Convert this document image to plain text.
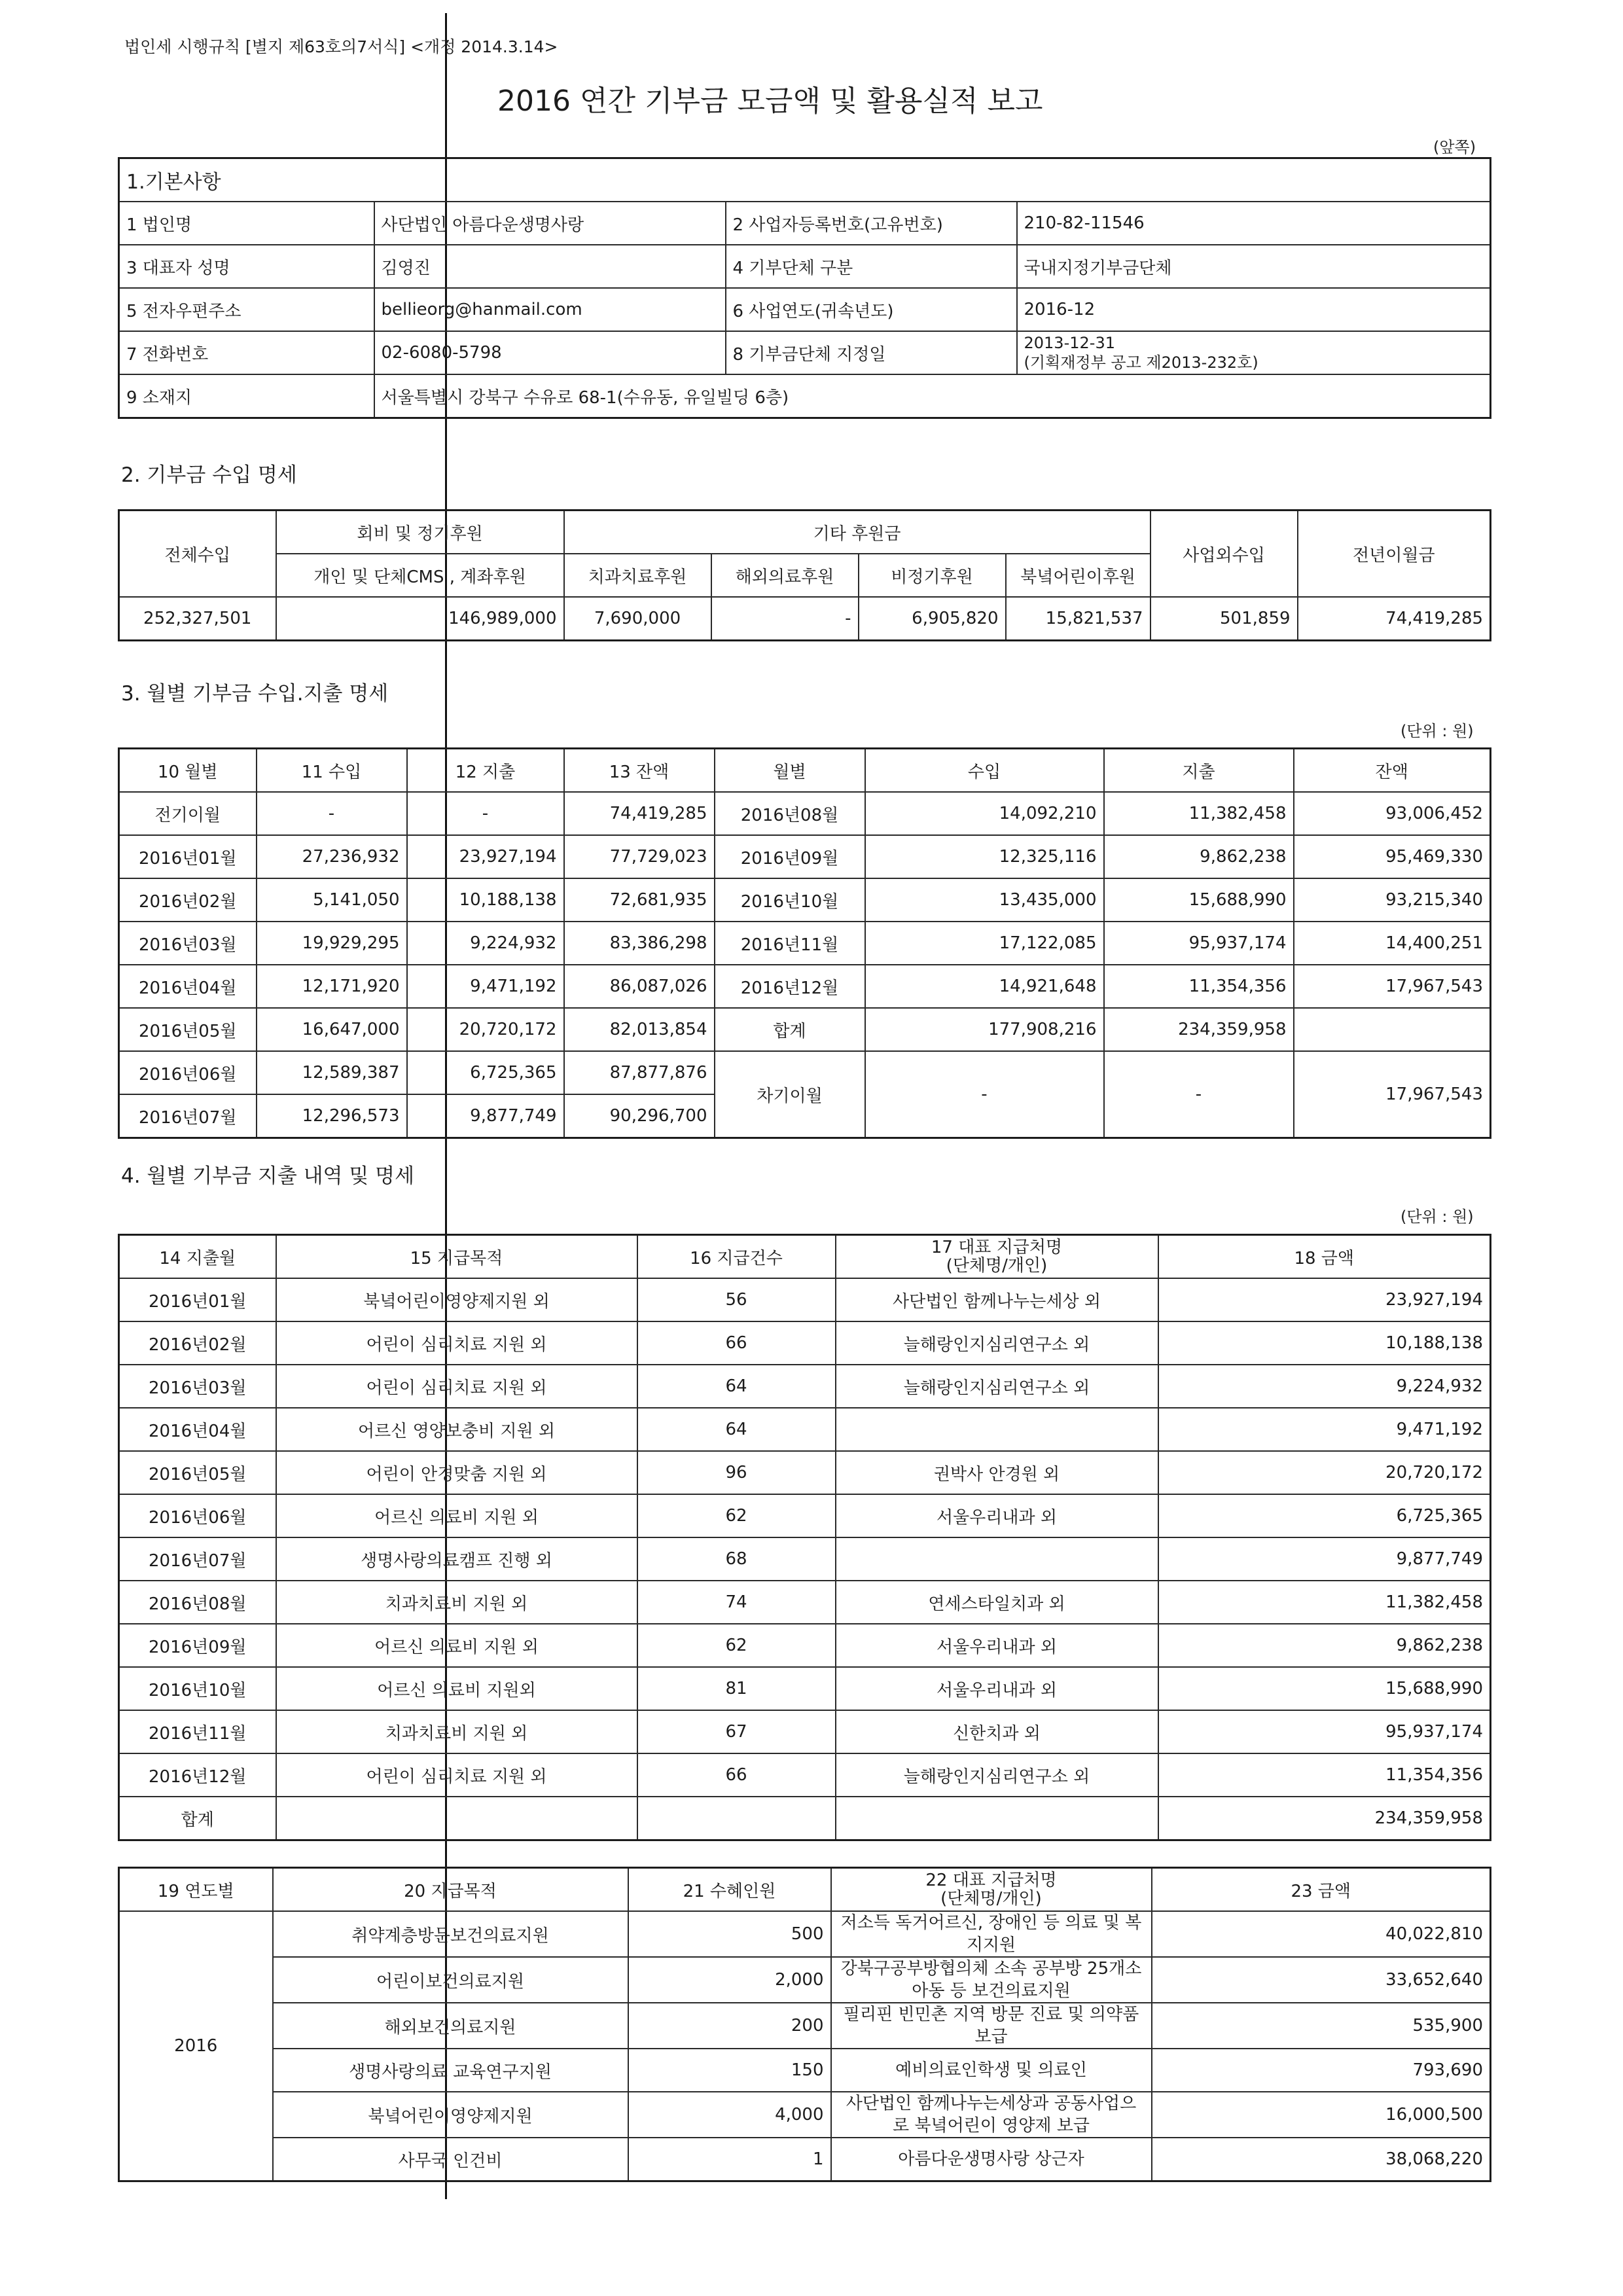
법인세 시행규칙 [별지 제63호의7서식] <개정 2014.3.14>
2016 연간 기부금 모금액 및 활용실적 보고
(앞쪽)
1.기본사항			
1 법인명	사단법인 아름다운생명사랑	2 사업자등록번호(고유번호)	210-82-11546
3 대표자 성명	김영진	4 기부단체 구분	국내지정기부금단체
5 전자우편주소	bellieorg@hanmail.com	6 사업연도(귀속년도)	2016-12
7 전화번호	02-6080-5798	8 기부금단체 지정일	2013-12-31
(기획재정부 공고 제2013-232호)

9 소재지	서울특별시 강북구 수유로 68-1(수유동, 유일빌딩 6층)		
2. 기부금 수입 명세
전체수입	회비 및 정기후원	기타 후원금				사업외수입	전년이월금
	개인 및 단체CMS , 계좌후원	치과치료후원	해외의료후원	비정기후원	북녘어린이후원		
252,327,501	146,989,000	7,690,000	-	6,905,820	15,821,537	501,859	74,419,285
3. 월별 기부금 수입.지출 명세
(단위 : 원)
10 월별	11 수입	12 지출	13 잔액	월별	수입	지출	잔액
전기이월	-	-	74,419,285	2016년08월	14,092,210	11,382,458	93,006,452
2016년01월	27,236,932	23,927,194	77,729,023	2016년09월	12,325,116	9,862,238	95,469,330
2016년02월	5,141,050	10,188,138	72,681,935	2016년10월	13,435,000	15,688,990	93,215,340
2016년03월	19,929,295	9,224,932	83,386,298	2016년11월	17,122,085	95,937,174	14,400,251
2016년04월	12,171,920	9,471,192	86,087,026	2016년12월	14,921,648	11,354,356	17,967,543
2016년05월	16,647,000	20,720,172	82,013,854	합계	177,908,216	234,359,958	
2016년06월	12,589,387	6,725,365	87,877,876	차기이월	-	-	17,967,543
2016년07월	12,296,573	9,877,749	90,296,700				
4. 월별 기부금 지출 내역 및 명세
(단위 : 원)
14 지출월	15 지급목적	16 지급건수	17 대표 지급처명
(단체명/개인)	18 금액
2016년01월	북녘어린이영양제지원 외	56	사단법인 함께나누는세상 외	23,927,194
2016년02월	어린이 심리치료 지원 외	66	늘해랑인지심리연구소 외	10,188,138
2016년03월	어린이 심리치료 지원 외	64	늘해랑인지심리연구소 외	9,224,932
2016년04월	어르신 영양보충비 지원 외	64		9,471,192
2016년05월	어린이 안경맞춤 지원 외	96	권박사 안경원 외	20,720,172
2016년06월	어르신 의료비 지원 외	62	서울우리내과 외	6,725,365
2016년07월	생명사랑의료캠프 진행 외	68		9,877,749
2016년08월	치과치료비 지원 외	74	연세스타일치과 외	11,382,458
2016년09월	어르신 의료비 지원 외	62	서울우리내과 외	9,862,238
2016년10월	어르신 의료비 지원외	81	서울우리내과 외	15,688,990
2016년11월	치과치료비 지원 외	67	신한치과 외	95,937,174
2016년12월	어린이 심리치료 지원 외	66	늘해랑인지심리연구소 외	11,354,356
합계				234,359,958
19 연도별	20 지급목적	21 수혜인원	22 대표 지급처명
(단체명/개인)	23 금액
2016	취약계층방문보건의료지원	500	저소득 독거어르신, 장애인 등 의료 및 복지지원	40,022,810
	어린이보건의료지원	2,000	강북구공부방협의체 소속 공부방 25개소 아동 등 보건의료지원	33,652,640
	해외보건의료지원	200	필리핀 빈민촌 지역 방문 진료 및 의약품 보급	535,900
	생명사랑의료 교육연구지원	150	예비의료인학생 및 의료인	793,690
	북녘어린이영양제지원	4,000	사단법인 함께나누는세상과 공동사업으로 북녘어린이 영양제 보급	16,000,500
	사무국 인건비	1	아름다운생명사랑 상근자	38,068,220
